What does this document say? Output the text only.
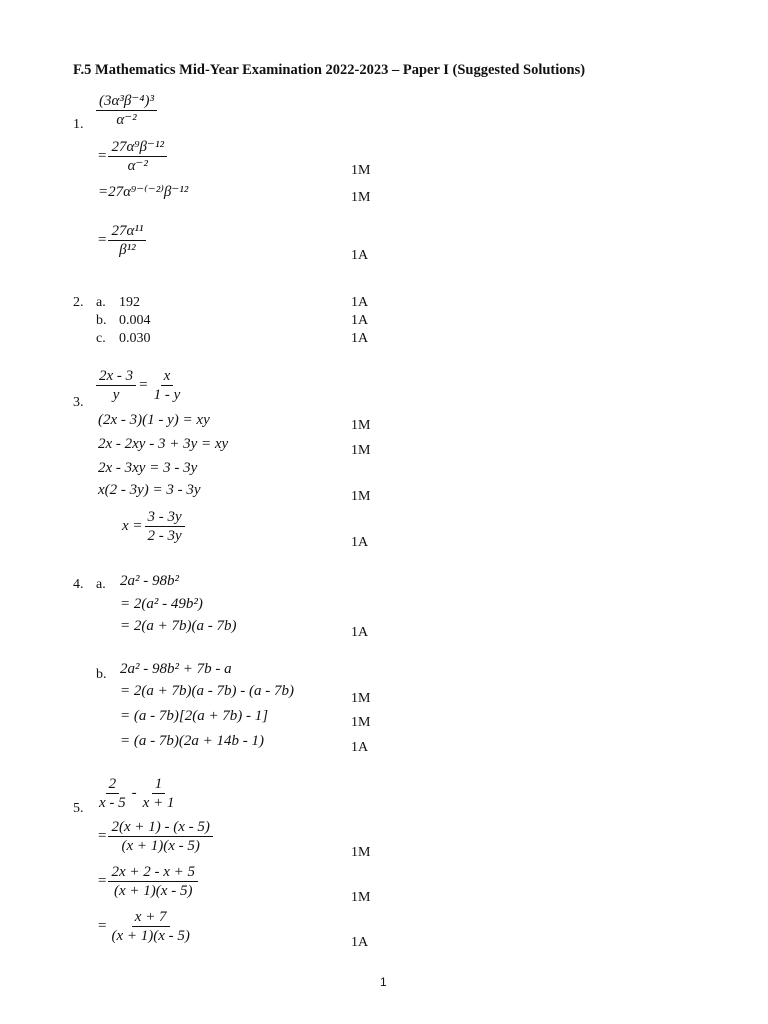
F.5 Mathematics Mid-Year Examination 2022-2023 – Paper I (Suggested Solutions)
1. $\frac{\text{(3α³β⁻⁴)³}}{\text{α⁻²}}$
= $\frac{\text{27α⁹β⁻¹²}}{\text{α⁻²}}$	1M
=27α⁹⁻⁽⁻²⁾β⁻¹²	1M
= $\frac{\text{27α¹¹}}{\text{β¹²}}$	1A
2. a. 192	1A
b. 0.004	1A
c. 0.030	1A
3. $\frac{2x - 3}{y} = \frac{x}{1 - y}$
(2x - 3)(1 - y) = xy	1M
2x - 2xy - 3 + 3y = xy	1M
2x - 3xy = 3 - 3y
x(2 - 3y) = 3 - 3y	1M
$x = \frac{3 - 3y}{2 - 3y}$	1A
4. a. 2a² - 98b²
= 2(a² - 49b²)
= 2(a + 7b)(a - 7b)	1A
b. 2a² - 98b² + 7b - a
= 2(a + 7b)(a - 7b) - (a - 7b)	1M
= (a - 7b)[2(a + 7b) - 1]	1M
= (a - 7b)(2a + 14b - 1)	1A
5. $\frac{2}{x - 5} - \frac{1}{x + 1}$
= $\frac{2(x + 1) - (x - 5)}{(x + 1)(x - 5)}$	1M
= $\frac{2x + 2 - x + 5}{(x + 1)(x - 5)}$	1M
= $\frac{x + 7}{(x + 1)(x - 5)}$	1A
1
